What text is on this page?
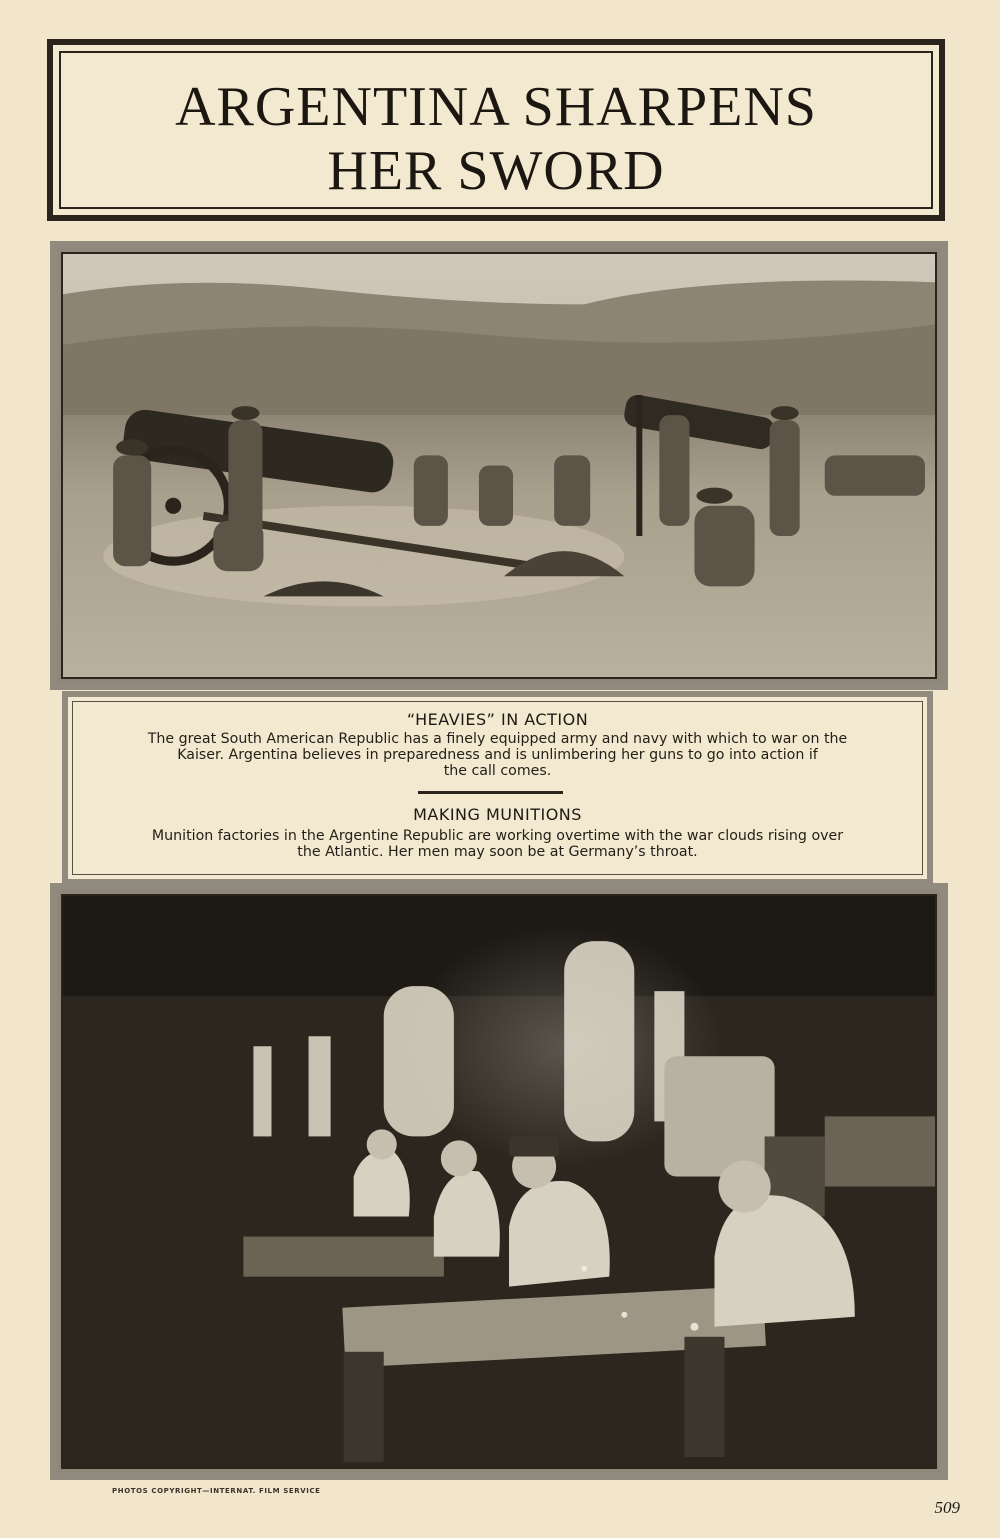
ARGENTINA SHARPENS
HER SWORD
“HEAVIES” IN ACTION
The great South American Republic has a finely equipped army and navy with which to war on the
Kaiser. Argentina believes in preparedness and is unlimbering her guns to go into action if
the call comes.
MAKING MUNITIONS
Munition factories in the Argentine Republic are working overtime with the war clouds rising over
the Atlantic. Her men may soon be at Germany’s throat.
PHOTOS COPYRIGHT—INTERNAT. FILM SERVICE
509
